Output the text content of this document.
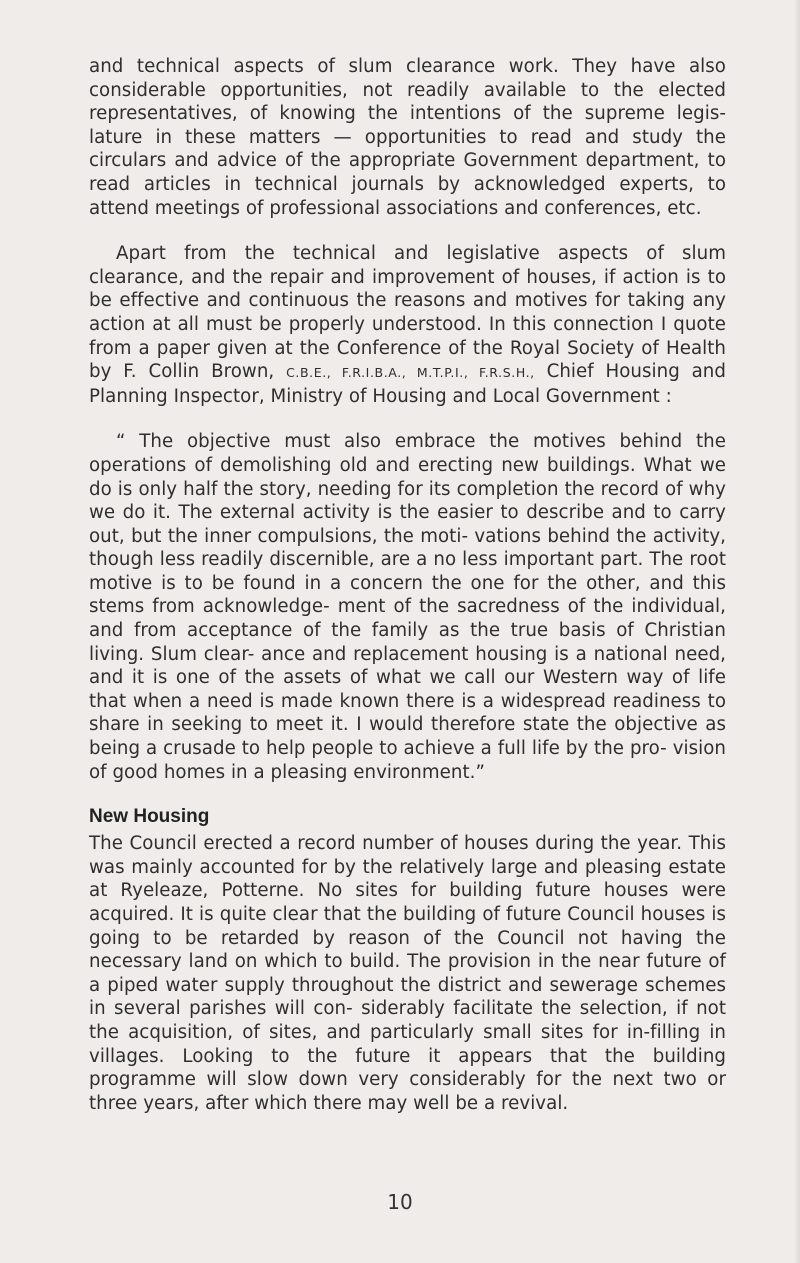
and technical aspects of slum clearance work. They have also considerable opportunities, not readily available to the elected representatives, of knowing the intentions of the supreme legis- lature in these matters — opportunities to read and study the circulars and advice of the appropriate Government department, to read articles in technical journals by acknowledged experts, to attend meetings of professional associations and conferences, etc.

Apart from the technical and legislative aspects of slum clearance, and the repair and improvement of houses, if action is to be effective and continuous the reasons and motives for taking any action at all must be properly understood. In this connection I quote from a paper given at the Conference of the Royal Society of Health by F. Collin Brown, C.B.E., F.R.I.B.A., M.T.P.I., F.R.S.H., Chief Housing and Planning Inspector, Ministry of Housing and Local Government :

“ The objective must also embrace the motives behind the operations of demolishing old and erecting new buildings. What we do is only half the story, needing for its completion the record of why we do it. The external activity is the easier to describe and to carry out, but the inner compulsions, the moti- vations behind the activity, though less readily discernible, are a no less important part. The root motive is to be found in a concern the one for the other, and this stems from acknowledge- ment of the sacredness of the individual, and from acceptance of the family as the true basis of Christian living. Slum clear- ance and replacement housing is a national need, and it is one of the assets of what we call our Western way of life that when a need is made known there is a widespread readiness to share in seeking to meet it. I would therefore state the objective as being a crusade to help people to achieve a full life by the pro- vision of good homes in a pleasing environment.”

New Housing

The Council erected a record number of houses during the year. This was mainly accounted for by the relatively large and pleasing estate at Ryeleaze, Potterne. No sites for building future houses were acquired. It is quite clear that the building of future Council houses is going to be retarded by reason of the Council not having the necessary land on which to build. The provision in the near future of a piped water supply throughout the district and sewerage schemes in several parishes will con- siderably facilitate the selection, if not the acquisition, of sites, and particularly small sites for in-filling in villages. Looking to the future it appears that the building programme will slow down very considerably for the next two or three years, after which there may well be a revival.

10
